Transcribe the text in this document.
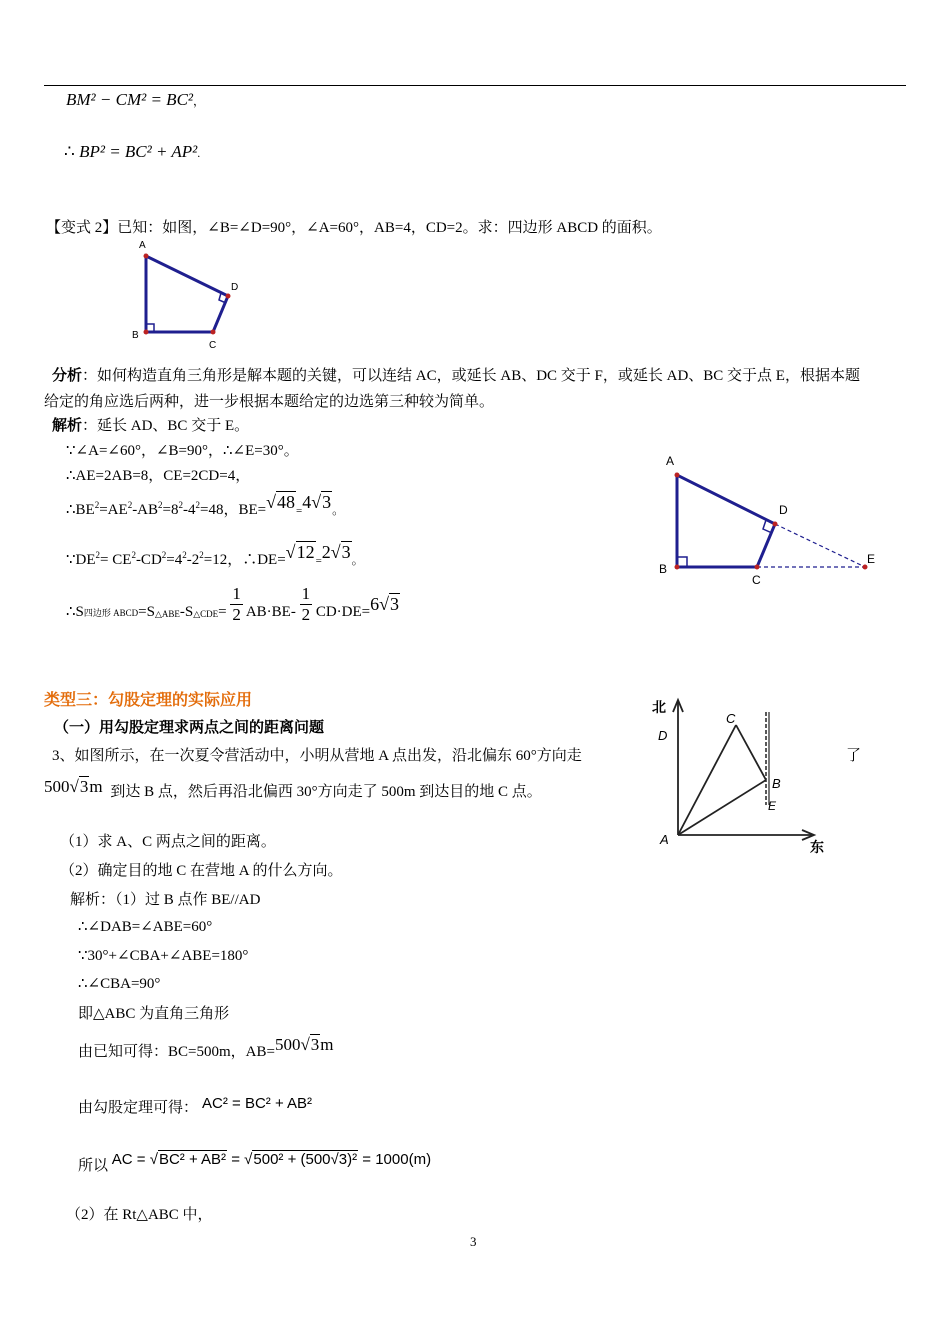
BM² − CM² = BC²，
∴ BP² = BC² + AP².
【变式 2】已知：如图，∠B=∠D=90°，∠A=60°，AB=4，CD=2。求：四边形 ABCD 的面积。
A
B
C
D
分析：如何构造直角三角形是解本题的关键，可以连结 AC，或延长 AB、DC 交于 F，或延长 AD、BC 交于点 E，根据本题
给定的角应选后两种，进一步根据本题给定的边选第三种较为简单。
解析：延长 AD、BC 交于 E。
∵∠A=∠60°，∠B=90°，∴∠E=30°。
∴AE=2AB=8，CE=2CD=4，
$\therefore BE^2=AE^2-AB^2=8^2-4^2=48$，BE=√48=4√3。
$\because DE^2= CE^2-CD^2=4^2-2^2=12$，∴DE=√12=2√3。
∴S四边形 ABCD=S△ABE-S△CDE= $\frac{1}{2} AB\cdot BE- \frac{1}{2} CD\cdot DE=6√3$
A
B
C
D
E
类型三：勾股定理的实际应用
（一）用勾股定理求两点之间的距离问题
3、如图所示，在一次夏令营活动中，小明从营地 A 点出发，沿北偏东 60°方向走	了
500√3m 到达 B 点，然后再沿北偏西 30°方向走了 500m 到达目的地 C 点。
北
东
D
C
B
E
A
（1）求 A、C 两点之间的距离。
（2）确定目的地 C 在营地 A 的什么方向。
解析：（1）过 B 点作 BE//AD
∴∠DAB=∠ABE=60°
∵30°+∠CBA+∠ABE=180°
∴∠CBA=90°
即△ABC 为直角三角形
由已知可得：BC=500m，AB=500√3m
由勾股定理可得： AC² = BC² + AB²
所以 AC = √BC² + AB² = √500² + (500√3)² = 1000(m)
（2）在 Rt△ABC 中，
3
